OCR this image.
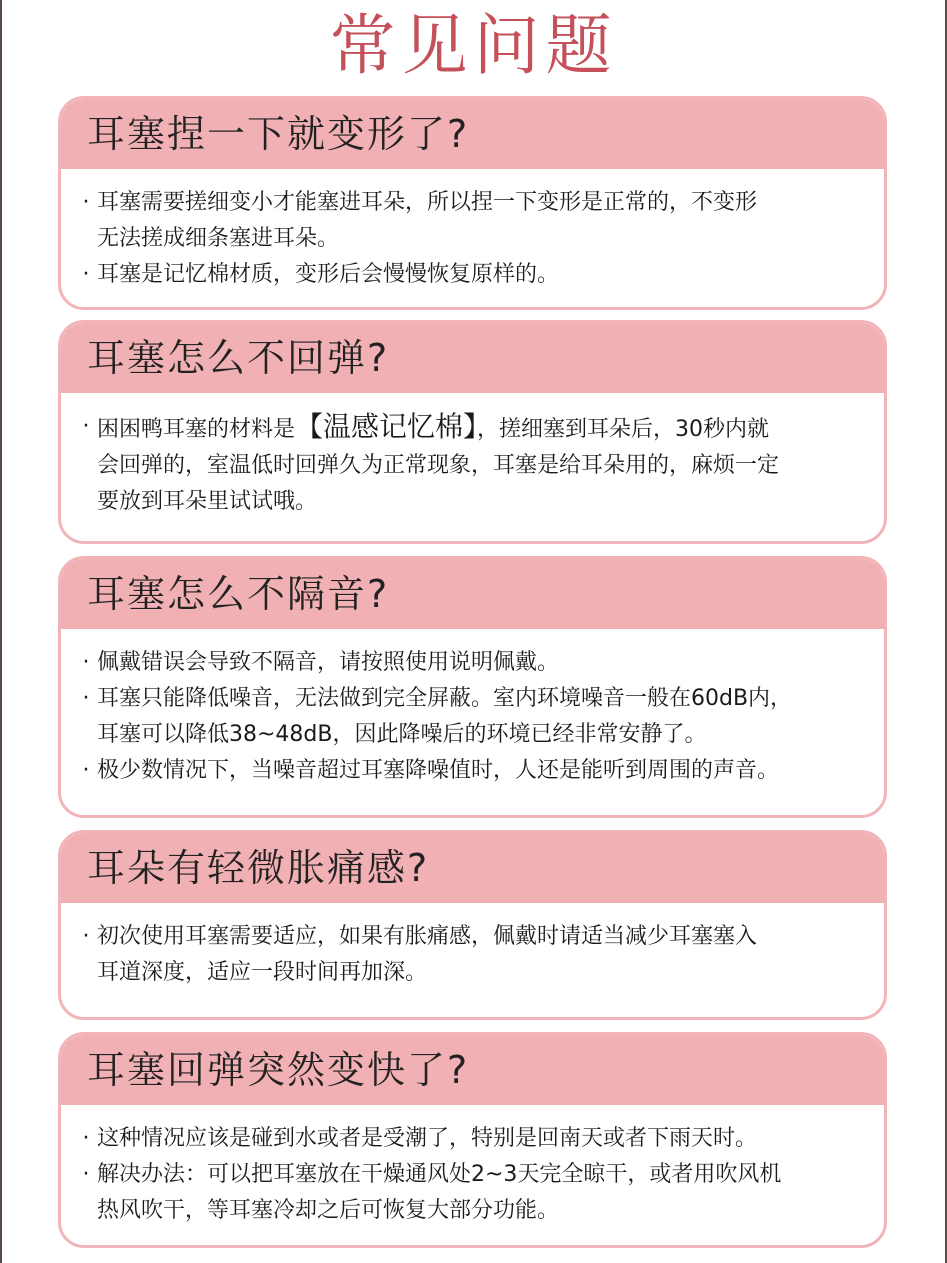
常见问题
耳塞捏一下就变形了?
· 耳塞需要搓细变小才能塞进耳朵，所以捏一下变形是正常的，不变形
无法搓成细条塞进耳朵。
· 耳塞是记忆棉材质，变形后会慢慢恢复原样的。
耳塞怎么不回弹?
· 困困鸭耳塞的材料是【温感记忆棉】，搓细塞到耳朵后，30秒内就
会回弹的，室温低时回弹久为正常现象，耳塞是给耳朵用的，麻烦一定
要放到耳朵里试试哦。
耳塞怎么不隔音?
· 佩戴错误会导致不隔音，请按照使用说明佩戴。
· 耳塞只能降低噪音，无法做到完全屏蔽。室内环境噪音一般在60dB内，
耳塞可以降低38~48dB，因此降噪后的环境已经非常安静了。
· 极少数情况下，当噪音超过耳塞降噪值时，人还是能听到周围的声音。
耳朵有轻微胀痛感?
· 初次使用耳塞需要适应，如果有胀痛感，佩戴时请适当减少耳塞塞入
耳道深度，适应一段时间再加深。
耳塞回弹突然变快了?
· 这种情况应该是碰到水或者是受潮了，特别是回南天或者下雨天时。
· 解决办法：可以把耳塞放在干燥通风处2~3天完全晾干，或者用吹风机
热风吹干，等耳塞冷却之后可恢复大部分功能。
